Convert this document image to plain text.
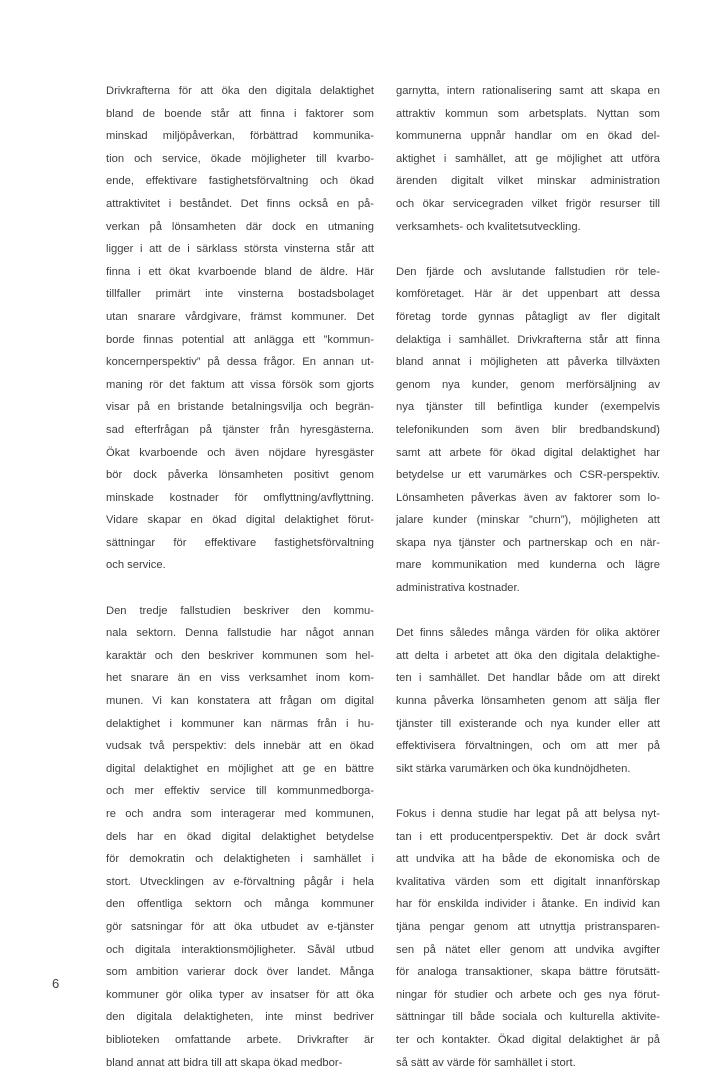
Drivkrafterna för att öka den digitala delaktighet
bland de boende står att finna i faktorer som
minskad miljöpåverkan, förbättrad kommunika-
tion och service, ökade möjligheter till kvarbo-
ende, effektivare fastighetsförvaltning och ökad
attraktivitet i beståndet. Det finns också en på-
verkan på lönsamheten där dock en utmaning
ligger i att de i särklass största vinsterna står att
finna i ett ökat kvarboende bland de äldre. Här
tillfaller primärt inte vinsterna bostadsbolaget
utan snarare vårdgivare, främst kommuner. Det
borde finnas potential att anlägga ett ”kommun-
koncernperspektiv” på dessa frågor. En annan ut-
maning rör det faktum att vissa försök som gjorts
visar på en bristande betalningsvilja och begrän-
sad efterfrågan på tjänster från hyresgästerna.
Ökat kvarboende och även nöjdare hyresgäster
bör dock påverka lönsamheten positivt genom
minskade kostnader för omflyttning/avflyttning.
Vidare skapar en ökad digital delaktighet förut-
sättningar för effektivare fastighetsförvaltning
och service.
Den tredje fallstudien beskriver den kommu-
nala sektorn. Denna fallstudie har något annan
karaktär och den beskriver kommunen som hel-
het snarare än en viss verksamhet inom kom-
munen. Vi kan konstatera att frågan om digital
delaktighet i kommuner kan närmas från i hu-
vudsak två perspektiv: dels innebär att en ökad
digital delaktighet en möjlighet att ge en bättre
och mer effektiv service till kommunmedborga-
re och andra som interagerar med kommunen,
dels har en ökad digital delaktighet betydelse
för demokratin och delaktigheten i samhället i
stort. Utvecklingen av e-förvaltning pågår i hela
den offentliga sektorn och många kommuner
gör satsningar för att öka utbudet av e-tjänster
och digitala interaktionsmöjligheter. Såväl utbud
som ambition varierar dock över landet. Många
kommuner gör olika typer av insatser för att öka
den digitala delaktigheten, inte minst bedriver
biblioteken omfattande arbete. Drivkrafter är
bland annat att bidra till att skapa ökad medbor-
garnytta, intern rationalisering samt att skapa en
attraktiv kommun som arbetsplats. Nyttan som
kommunerna uppnår handlar om en ökad del-
aktighet i samhället, att ge möjlighet att utföra
ärenden digitalt vilket minskar administration
och ökar servicegraden vilket frigör resurser till
verksamhets- och kvalitetsutveckling.
Den fjärde och avslutande fallstudien rör tele-
komföretaget. Här är det uppenbart att dessa
företag torde gynnas påtagligt av fler digitalt
delaktiga i samhället. Drivkrafterna står att finna
bland annat i möjligheten att påverka tillväxten
genom nya kunder, genom merförsäljning av
nya tjänster till befintliga kunder (exempelvis
telefonikunden som även blir bredbandskund)
samt att arbete för ökad digital delaktighet har
betydelse ur ett varumärkes och CSR-perspektiv.
Lönsamheten påverkas även av faktorer som lo-
jalare kunder (minskar ”churn”), möjligheten att
skapa nya tjänster och partnerskap och en när-
mare kommunikation med kunderna och lägre
administrativa kostnader.
Det finns således många värden för olika aktörer
att delta i arbetet att öka den digitala delaktighe-
ten i samhället. Det handlar både om att direkt
kunna påverka lönsamheten genom att sälja fler
tjänster till existerande och nya kunder eller att
effektivisera förvaltningen, och om att mer på
sikt stärka varumärken och öka kundnöjdheten.
Fokus i denna studie har legat på att belysa nyt-
tan i ett producentperspektiv. Det är dock svårt
att undvika att ha både de ekonomiska och de
kvalitativa värden som ett digitalt innanförskap
har för enskilda individer i åtanke. En individ kan
tjäna pengar genom att utnyttja pristransparen-
sen på nätet eller genom att undvika avgifter
för analoga transaktioner, skapa bättre förutsätt-
ningar för studier och arbete och ges nya förut-
sättningar till både sociala och kulturella aktivite-
ter och kontakter. Ökad digital delaktighet är på
så sätt av värde för samhället i stort.
6
